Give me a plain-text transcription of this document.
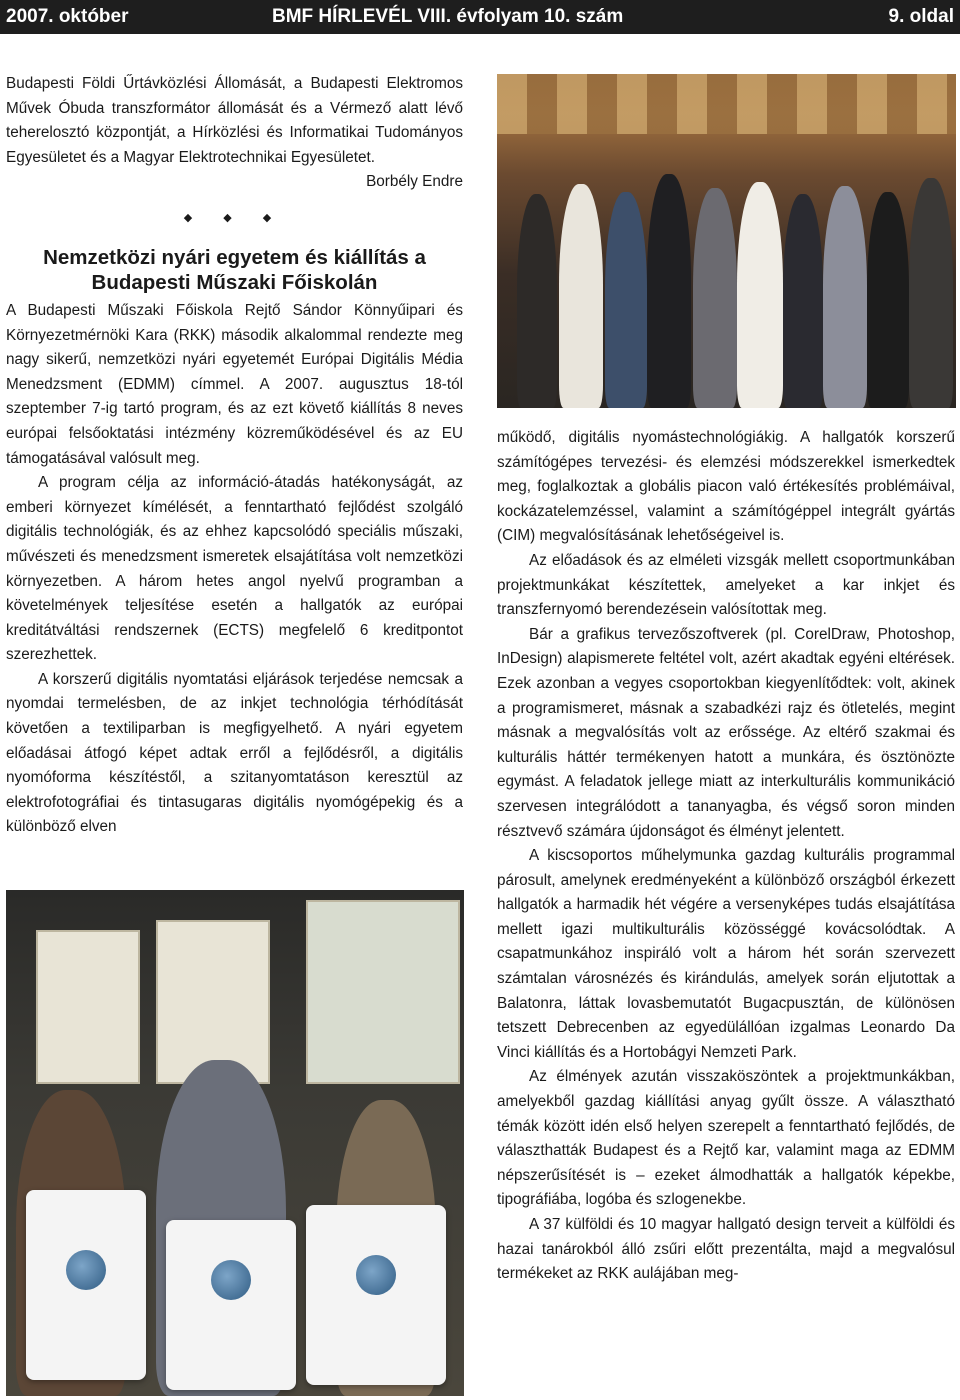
2007. október	BMF HÍRLEVÉL VIII. évfolyam 10. szám	9. oldal

Budapesti Földi Űrtávközlési Állomását, a Budapesti Elektromos Művek Óbuda transzformátor állomását és a Vérmező alatt lévő teherelosztó központját, a Hírközlési és Informatikai Tudományos Egyesületet és a Magyar Elektrotechnikai Egyesületet.

Borbély Endre

◆ ◆ ◆
Nemzetközi nyári egyetem és kiállítás a
Budapesti Műszaki Főiskolán

A Budapesti Műszaki Főiskola Rejtő Sándor Könnyűipari és Környezetmérnöki Kara (RKK) második alkalommal rendezte meg nagy sikerű, nemzetközi nyári egyetemét Európai Digitális Média Menedzsment (EDMM) címmel. A 2007. augusztus 18-tól szeptember 7-ig tartó program, és az ezt követő kiállítás 8 neves európai felsőoktatási intézmény közreműködésével és az EU támogatásával valósult meg.

A program célja az információ-átadás hatékonyságát, az emberi környezet kímélését, a fenntartható fejlődést szolgáló digitális technológiák, és az ehhez kapcsolódó speciális műszaki, művészeti és menedzsment ismeretek elsajátítása volt nemzetközi környezetben. A három hetes angol nyelvű programban a követelmények teljesítése esetén a hallgatók az európai kreditátváltási rendszernek (ECTS) megfelelő 6 kreditpontot szerezhettek.

A korszerű digitális nyomtatási eljárások terjedése nemcsak a nyomdai termelésben, de az inkjet technológia térhódítását követően a textiliparban is megfigyelhető. A nyári egyetem előadásai átfogó képet adtak erről a fejlődésről, a digitális nyomóforma készítéstől, a szitanyomtatáson keresztül az elektrofotográfiai és tintasugaras digitális nyomógépekig és a különböző elven

működő, digitális nyomástechnológiákig. A hallgatók korszerű számítógépes tervezési- és elemzési módszerekkel ismerkedtek meg, foglalkoztak a globális piacon való értékesítés problémáival, kockázatelemzéssel, valamint a számítógéppel integrált gyártás (CIM) megvalósításának lehetőségeivel is.

Az előadások és az elméleti vizsgák mellett csoportmunkában projektmunkákat készítettek, amelyeket a kar inkjet és transzfernyomó berendezésein valósítottak meg.

Bár a grafikus tervezőszoftverek (pl. CorelDraw, Photoshop, InDesign) alapismerete feltétel volt, azért akadtak egyéni eltérések. Ezek azonban a vegyes csoportokban kiegyenlítődtek: volt, akinek a programismeret, másnak a szabadkézi rajz és ötletelés, megint másnak a megvalósítás volt az erőssége. Az eltérő szakmai és kulturális háttér termékenyen hatott a munkára, és ösztönözte egymást. A feladatok jellege miatt az interkulturális kommunikáció szervesen integrálódott a tananyagba, és végső soron minden résztvevő számára újdonságot és élményt jelentett.

A kiscsoportos műhelymunka gazdag kulturális programmal párosult, amelynek eredményeként a különböző országból érkezett hallgatók a harmadik hét végére a versenyképes tudás elsajátítása mellett igazi multikulturális közösséggé kovácsolódtak. A csapatmunkához inspiráló volt a három hét során szervezett számtalan városnézés és kirándulás, amelyek során eljutottak a Balatonra, láttak lovasbemutatót Bugacpusztán, de különösen tetszett Debrecenben az egyedülállóan izgalmas Leonardo Da Vinci kiállítás és a Hortobágyi Nemzeti Park.

Az élmények azután visszaköszöntek a projektmunkákban, amelyekből gazdag kiállítási anyag gyűlt össze. A választható témák között idén első helyen szerepelt a fenntartható fejlődés, de választhatták Budapest és a Rejtő kar, valamint maga az EDMM népszerűsítését is – ezeket álmodhatták a hallgatók képekbe, tipográfiába, logóba és szlogenekbe.

A 37 külföldi és 10 magyar hallgató design terveit a külföldi és hazai tanárokból álló zsűri előtt prezentálta, majd a megvalósul termékeket az RKK aulájában meg-
